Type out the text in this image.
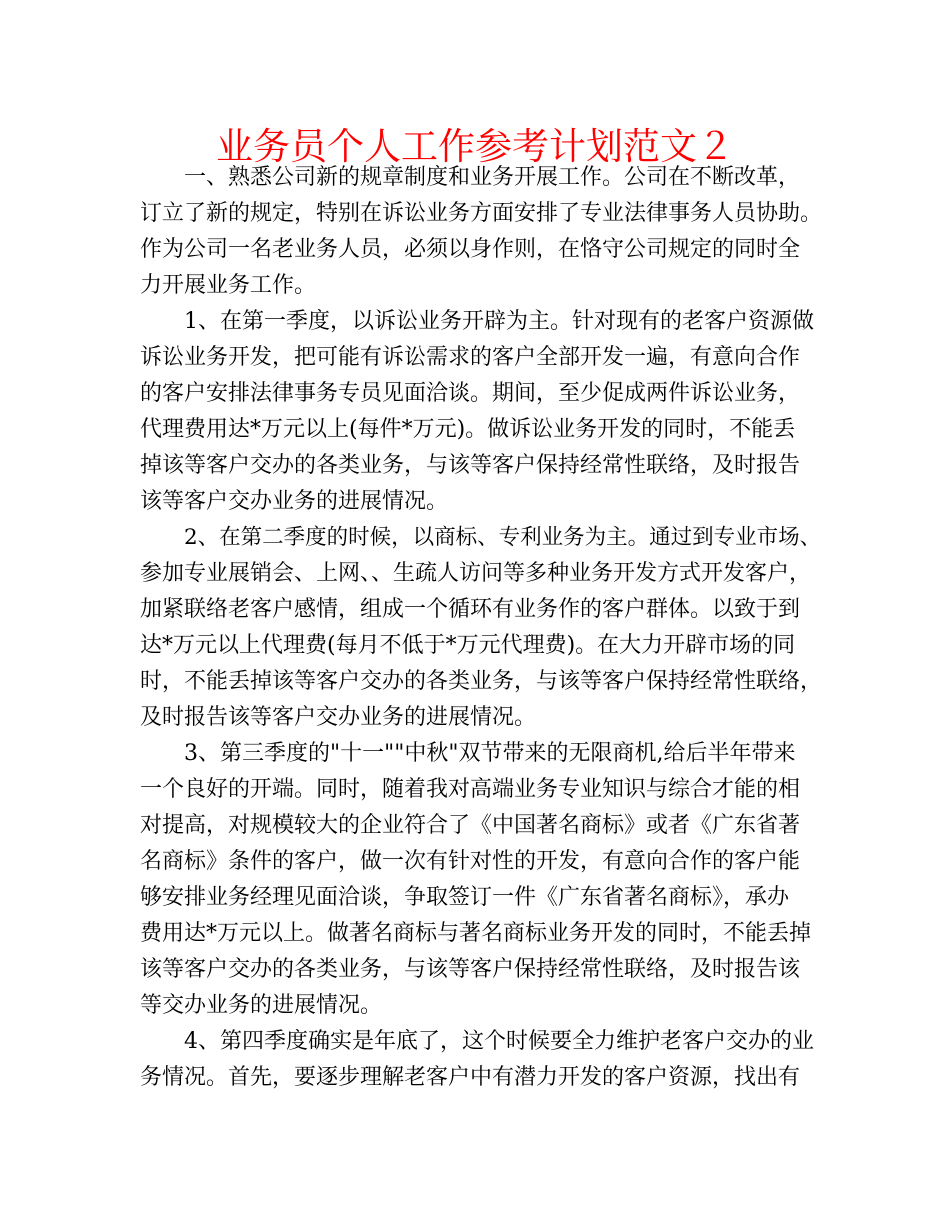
业务员个人工作参考计划范文２
一、熟悉公司新的规章制度和业务开展工作。公司在不断改革，
订立了新的规定，特别在诉讼业务方面安排了专业法律事务人员协助。
作为公司一名老业务人员，必须以身作则，在恪守公司规定的同时全
力开展业务工作。
1、在第一季度，以诉讼业务开辟为主。针对现有的老客户资源做
诉讼业务开发，把可能有诉讼需求的客户全部开发一遍，有意向合作
的客户安排法律事务专员见面洽谈。期间，至少促成两件诉讼业务，
代理费用达*万元以上(每件*万元)。做诉讼业务开发的同时，不能丢
掉该等客户交办的各类业务，与该等客户保持经常性联络，及时报告
该等客户交办业务的进展情况。
2、在第二季度的时候，以商标、专利业务为主。通过到专业市场、
参加专业展销会、上网、、生疏人访问等多种业务开发方式开发客户，
加紧联络老客户感情，组成一个循环有业务作的客户群体。以致于到
达*万元以上代理费(每月不低于*万元代理费)。在大力开辟市场的同
时，不能丢掉该等客户交办的各类业务，与该等客户保持经常性联络，
及时报告该等客户交办业务的进展情况。
3、第三季度的"十一""中秋"双节带来的无限商机,给后半年带来
一个良好的开端。同时，随着我对高端业务专业知识与综合才能的相
对提高，对规模较大的企业符合了《中国著名商标》或者《广东省著
名商标》条件的客户，做一次有针对性的开发，有意向合作的客户能
够安排业务经理见面洽谈，争取签订一件《广东省著名商标》，承办
费用达*万元以上。做著名商标与著名商标业务开发的同时，不能丢掉
该等客户交办的各类业务，与该等客户保持经常性联络，及时报告该
等交办业务的进展情况。
4、第四季度确实是年底了，这个时候要全力维护老客户交办的业
务情况。首先，要逐步理解老客户中有潜力开发的客户资源，找出有
